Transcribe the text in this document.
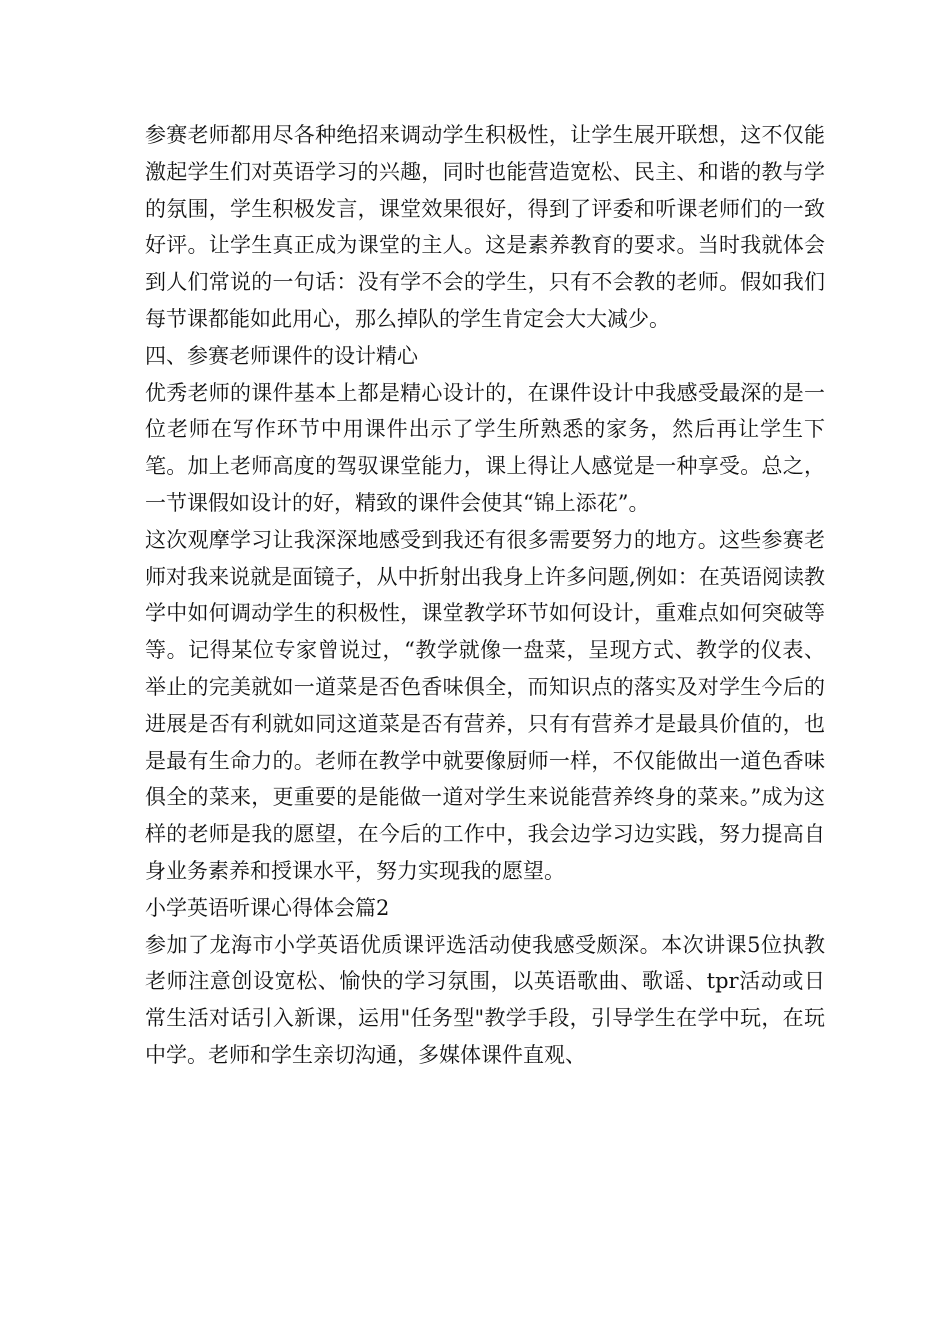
参赛老师都用尽各种绝招来调动学生积极性，让学生展开联想，这不仅能激起学生们对英语学习的兴趣，同时也能营造宽松、民主、和谐的教与学的氛围，学生积极发言，课堂效果很好，得到了评委和听课老师们的一致好评。让学生真正成为课堂的主人。这是素养教育的要求。当时我就体会到人们常说的一句话：没有学不会的学生，只有不会教的老师。假如我们每节课都能如此用心，那么掉队的学生肯定会大大减少。

四、参赛老师课件的设计精心

优秀老师的课件基本上都是精心设计的，在课件设计中我感受最深的是一位老师在写作环节中用课件出示了学生所熟悉的家务，然后再让学生下笔。加上老师高度的驾驭课堂能力，课上得让人感觉是一种享受。总之，一节课假如设计的好，精致的课件会使其“锦上添花”。

这次观摩学习让我深深地感受到我还有很多需要努力的地方。这些参赛老师对我来说就是面镜子，从中折射出我身上许多问题,例如：在英语阅读教学中如何调动学生的积极性，课堂教学环节如何设计，重难点如何突破等等。记得某位专家曾说过，“教学就像一盘菜，呈现方式、教学的仪表、举止的完美就如一道菜是否色香味俱全，而知识点的落实及对学生今后的进展是否有利就如同这道菜是否有营养，只有有营养才是最具价值的，也是最有生命力的。老师在教学中就要像厨师一样，不仅能做出一道色香味俱全的菜来，更重要的是能做一道对学生来说能营养终身的菜来。”成为这样的老师是我的愿望，在今后的工作中，我会边学习边实践，努力提高自身业务素养和授课水平，努力实现我的愿望。

小学英语听课心得体会篇2

参加了龙海市小学英语优质课评选活动使我感受颇深。本次讲课5位执教老师注意创设宽松、愉快的学习氛围，以英语歌曲、歌谣、tpr活动或日常生活对话引入新课，运用"任务型"教学手段，引导学生在学中玩，在玩中学。老师和学生亲切沟通，多媒体课件直观、
